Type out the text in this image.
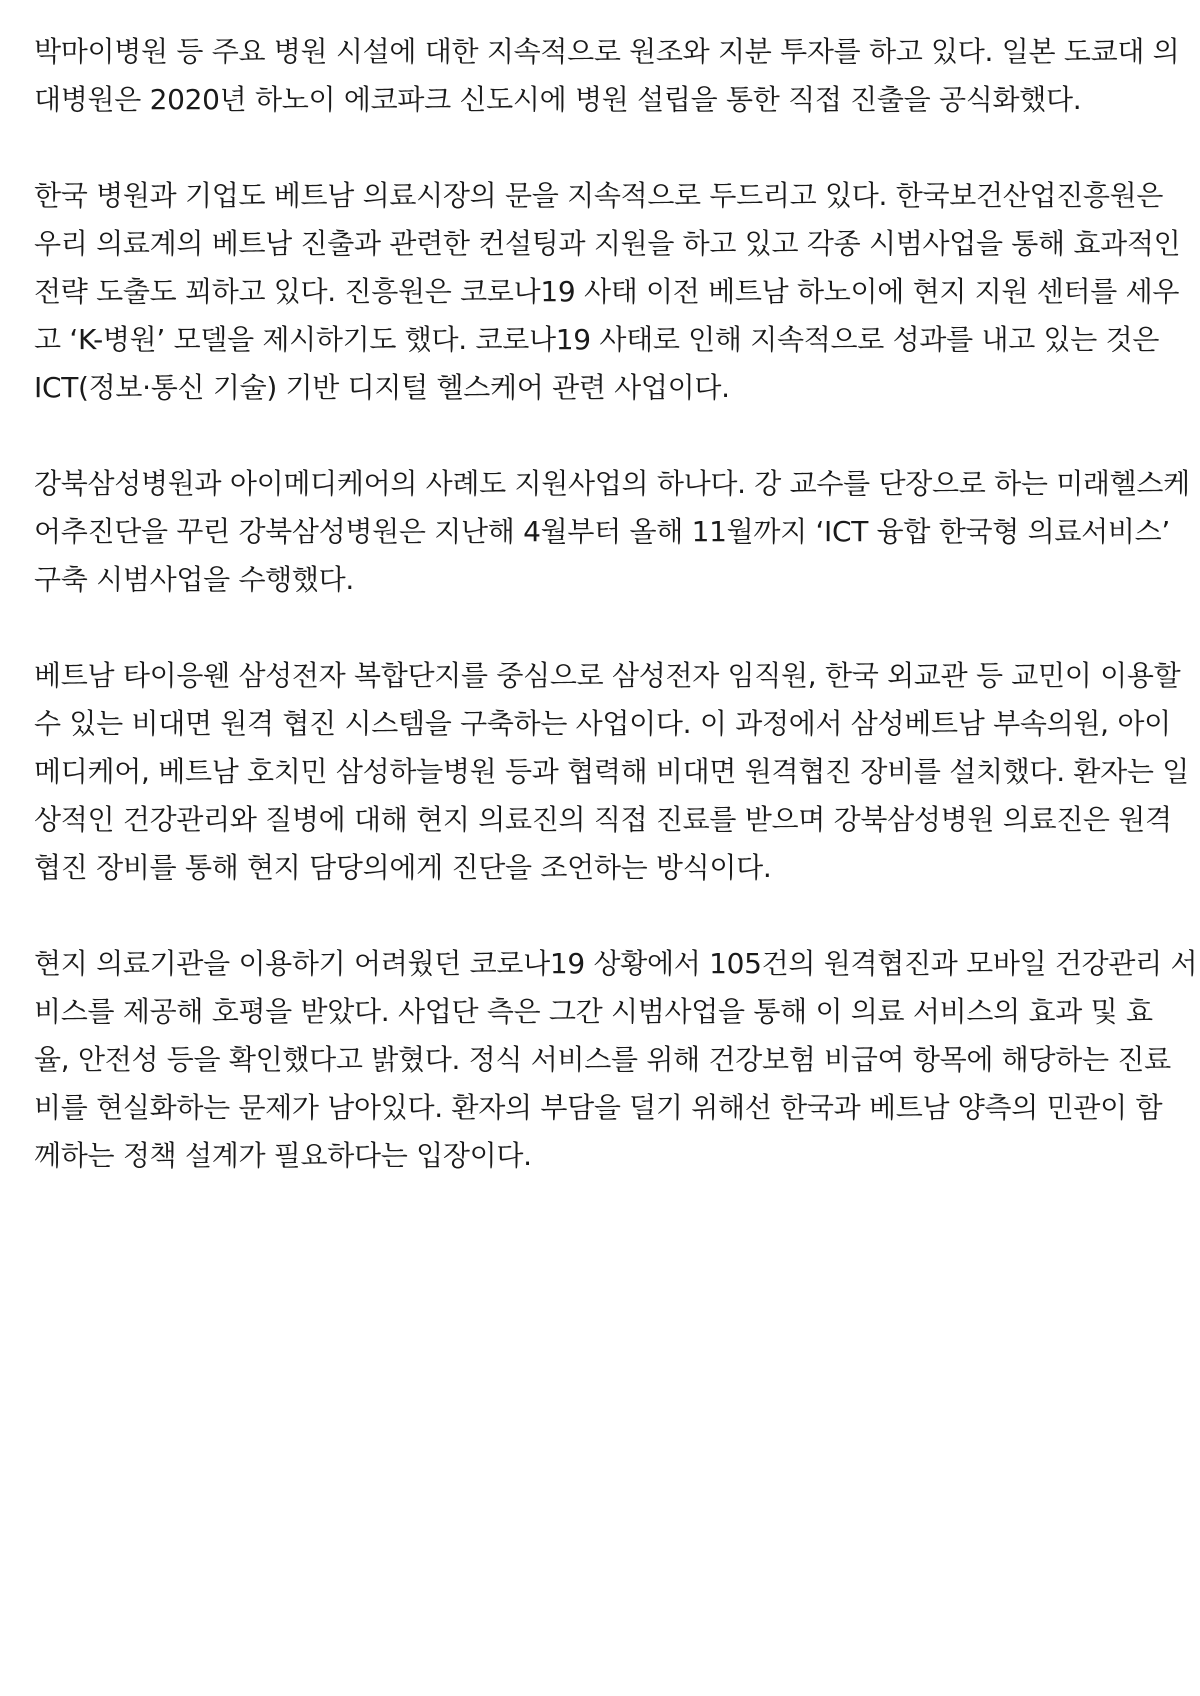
박마이병원 등 주요 병원 시설에 대한 지속적으로 원조와 지분 투자를 하고 있다. 일본 도쿄대 의
대병원은 2020년 하노이 에코파크 신도시에 병원 설립을 통한 직접 진출을 공식화했다.

한국 병원과 기업도 베트남 의료시장의 문을 지속적으로 두드리고 있다. 한국보건산업진흥원은
우리 의료계의 베트남 진출과 관련한 컨설팅과 지원을 하고 있고 각종 시범사업을 통해 효과적인
전략 도출도 꾀하고 있다. 진흥원은 코로나19 사태 이전 베트남 하노이에 현지 지원 센터를 세우
고 ‘K-병원’ 모델을 제시하기도 했다. 코로나19 사태로 인해 지속적으로 성과를 내고 있는 것은
ICT(정보·통신 기술) 기반 디지털 헬스케어 관련 사업이다.

강북삼성병원과 아이메디케어의 사례도 지원사업의 하나다. 강 교수를 단장으로 하는 미래헬스케
어추진단을 꾸린 강북삼성병원은 지난해 4월부터 올해 11월까지 ‘ICT 융합 한국형 의료서비스’
구축 시범사업을 수행했다.

베트남 타이응웬 삼성전자 복합단지를 중심으로 삼성전자 임직원, 한국 외교관 등 교민이 이용할
수 있는 비대면 원격 협진 시스템을 구축하는 사업이다. 이 과정에서 삼성베트남 부속의원, 아이
메디케어, 베트남 호치민 삼성하늘병원 등과 협력해 비대면 원격협진 장비를 설치했다. 환자는 일
상적인 건강관리와 질병에 대해 현지 의료진의 직접 진료를 받으며 강북삼성병원 의료진은 원격
협진 장비를 통해 현지 담당의에게 진단을 조언하는 방식이다.

현지 의료기관을 이용하기 어려웠던 코로나19 상황에서 105건의 원격협진과 모바일 건강관리 서
비스를 제공해 호평을 받았다. 사업단 측은 그간 시범사업을 통해 이 의료 서비스의 효과 및 효
율, 안전성 등을 확인했다고 밝혔다. 정식 서비스를 위해 건강보험 비급여 항목에 해당하는 진료
비를 현실화하는 문제가 남아있다. 환자의 부담을 덜기 위해선 한국과 베트남 양측의 민관이 함
께하는 정책 설계가 필요하다는 입장이다.
